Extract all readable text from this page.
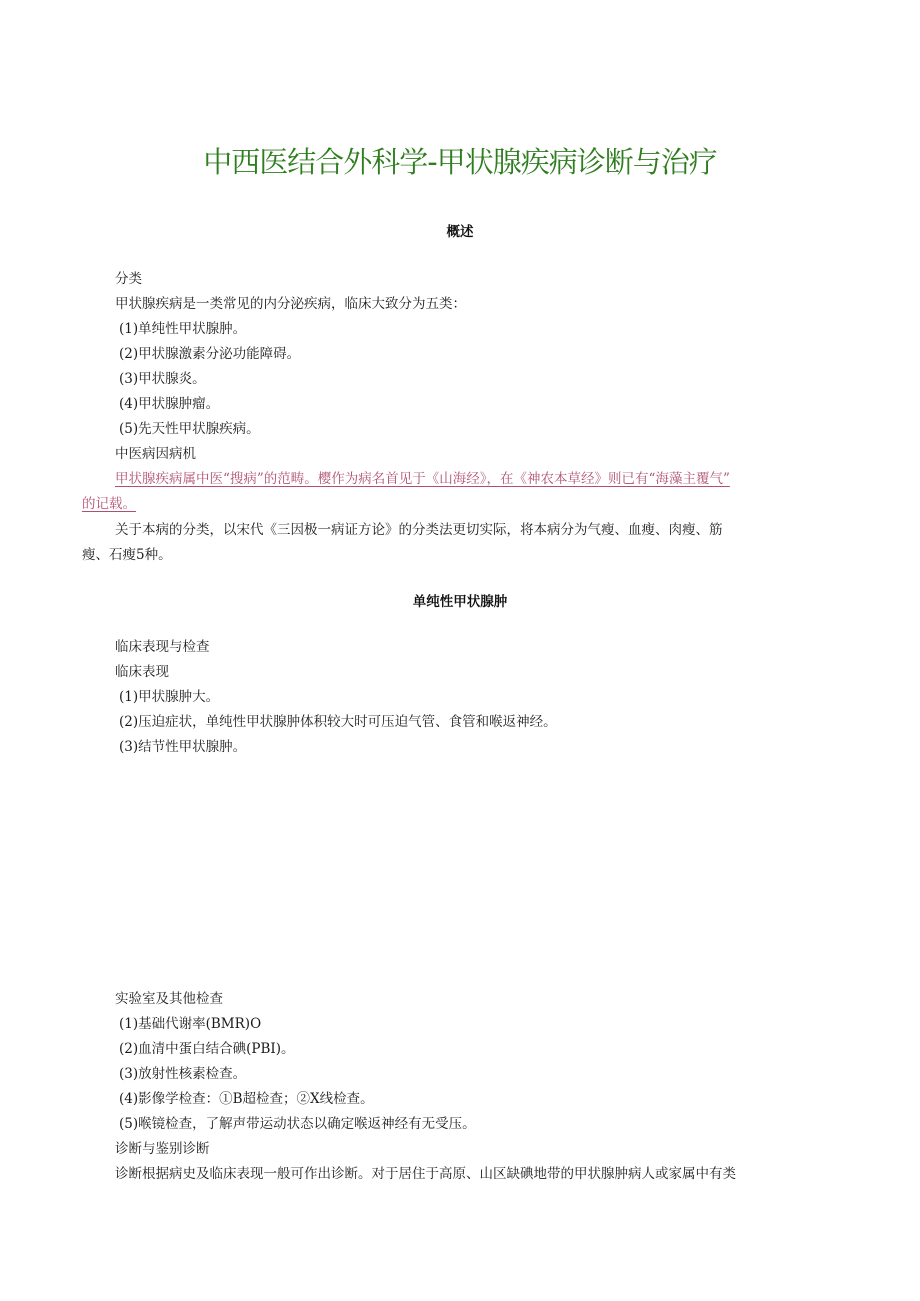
中西医结合外科学-甲状腺疾病诊断与治疗
概述
分类
甲状腺疾病是一类常见的内分泌疾病，临床大致分为五类：
(1)单纯性甲状腺肿。
(2)甲状腺激素分泌功能障碍。
(3)甲状腺炎。
(4)甲状腺肿瘤。
(5)先天性甲状腺疾病。
中医病因病机
甲状腺疾病属中医“搜病”的范畴。樱作为病名首见于《山海经》，在《神农本草经》则已有“海藻主覆气”
的记载。
关于本病的分类，以宋代《三因极一病证方论》的分类法更切实际，将本病分为气瘦、血瘦、肉瘦、筋
瘦、石瘦5种。
单纯性甲状腺肿
临床表现与检查
临床表现
(1)甲状腺肿大。
(2)压迫症状，单纯性甲状腺肿体积较大时可压迫气管、食管和喉返神经。
(3)结节性甲状腺肿。
实验室及其他检查
(1)基础代谢率(BMR)O
(2)血清中蛋白结合碘(PBI)。
(3)放射性核素检查。
(4)影像学检查：①B超检查；②X线检查。
(5)喉镜检查，了解声带运动状态以确定喉返神经有无受压。
诊断与鉴别诊断
诊断根据病史及临床表现一般可作出诊断。对于居住于高原、山区缺碘地带的甲状腺肿病人或家属中有类
